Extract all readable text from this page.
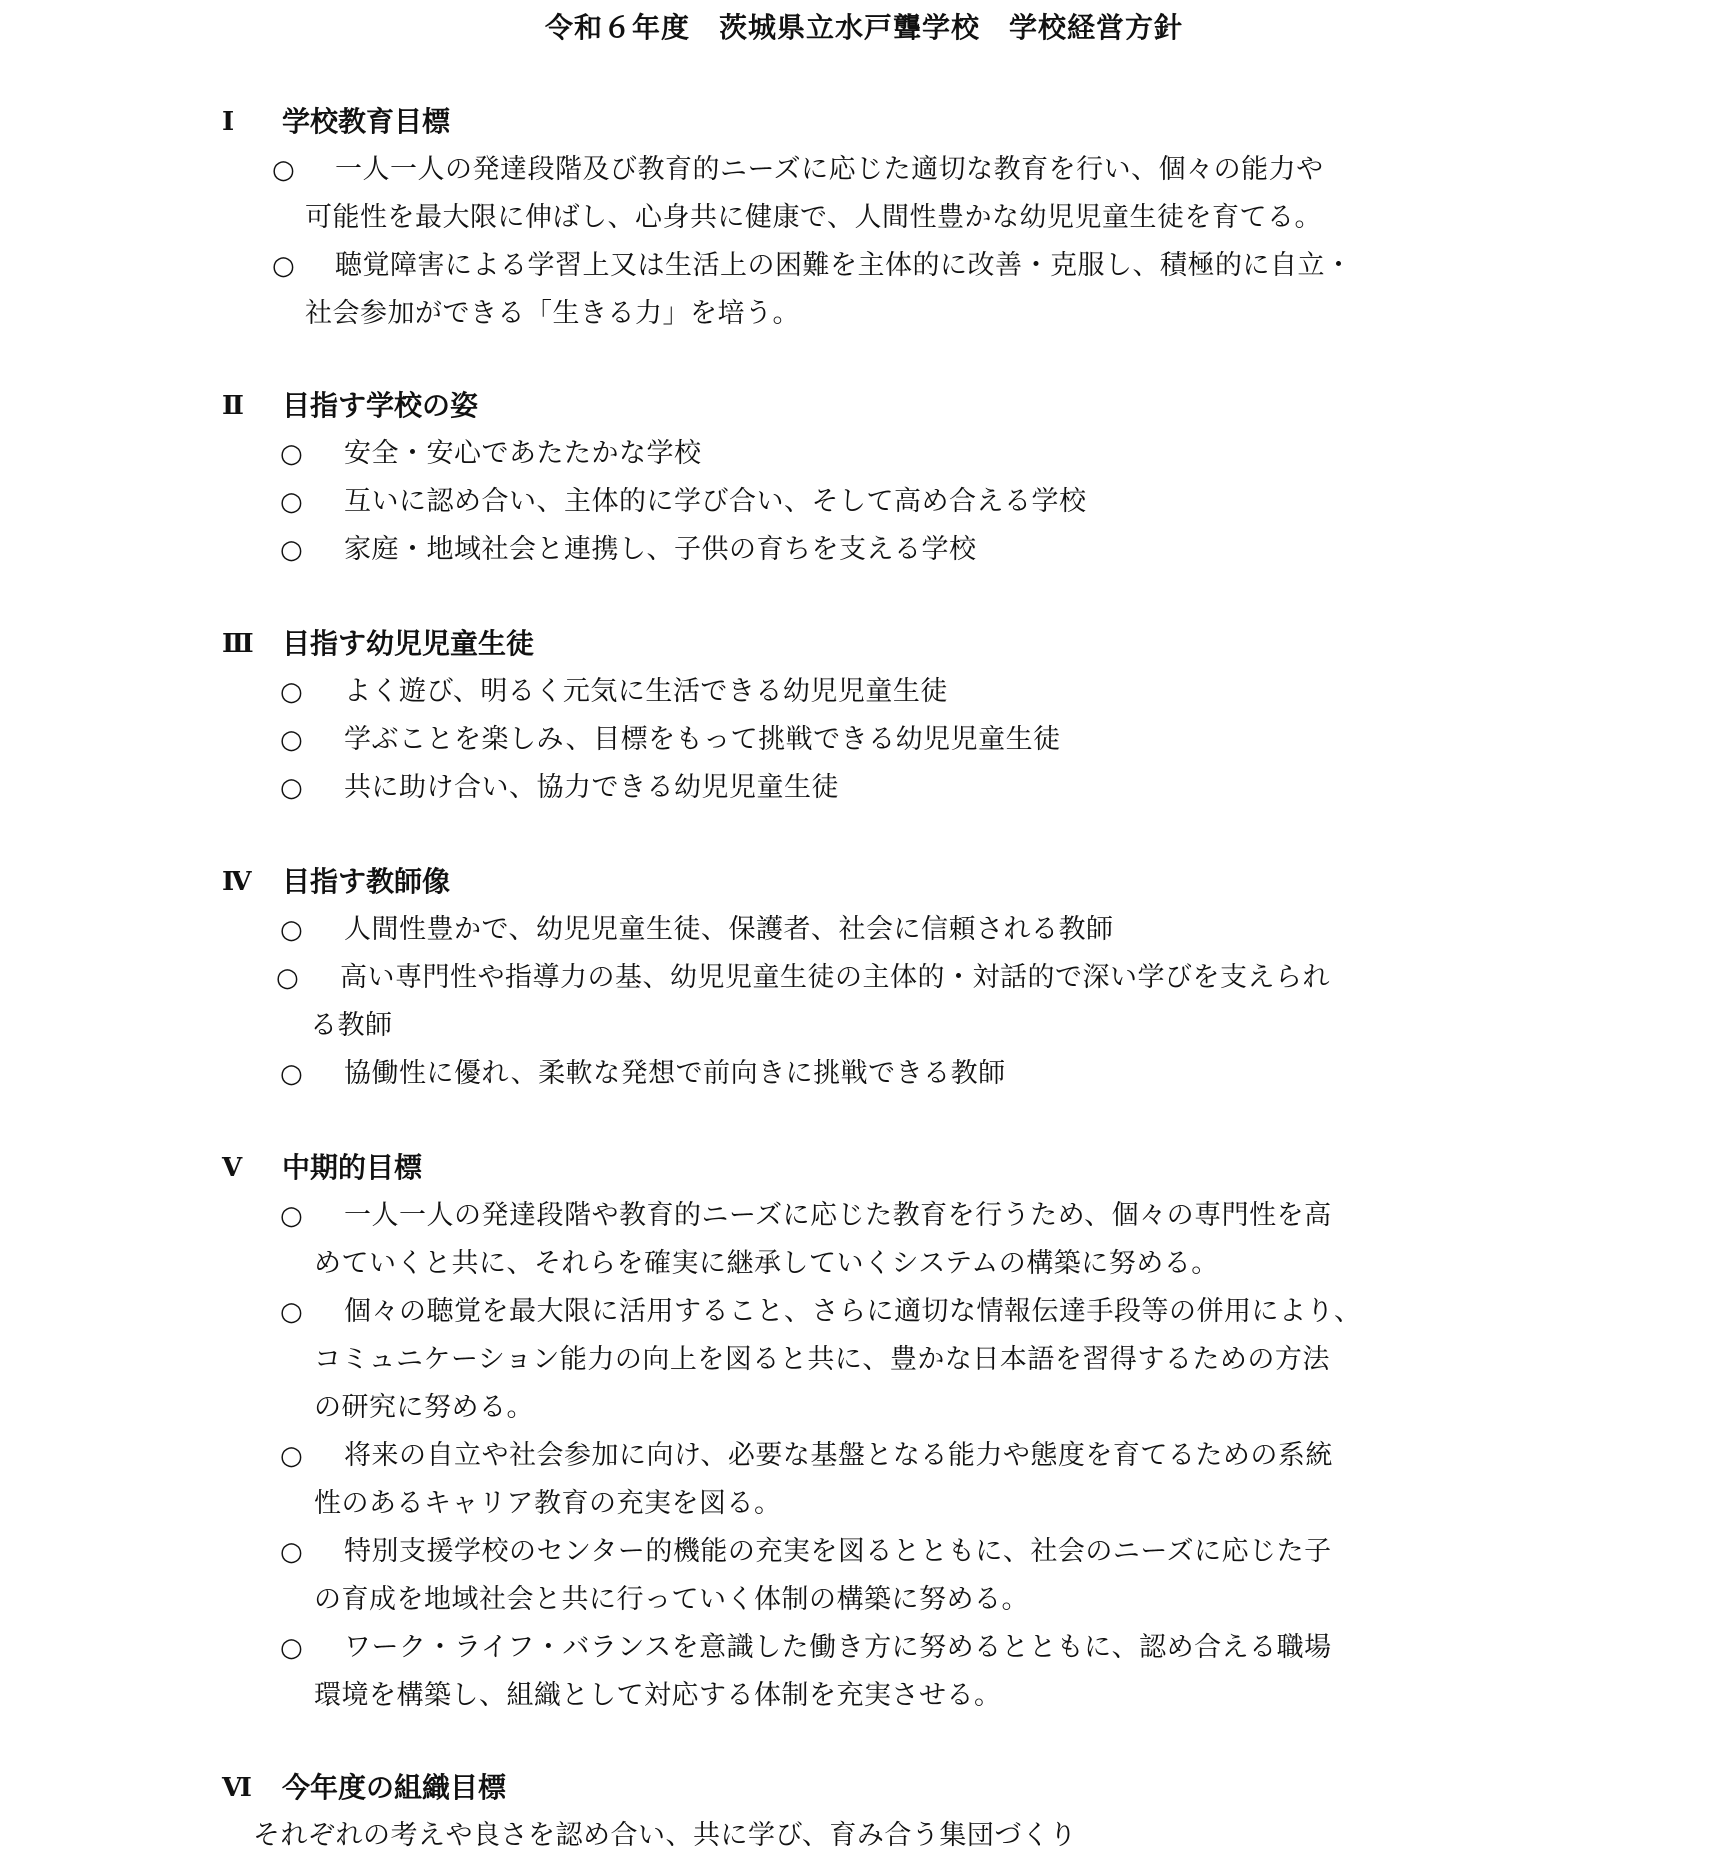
令和６年度　茨城県立水戸聾学校　学校経営方針
Ⅰ 学校教育目標
○	一人一人の発達段階及び教育的ニーズに応じた適切な教育を行い、個々の能力や
可能性を最大限に伸ばし、心身共に健康で、人間性豊かな幼児児童生徒を育てる。
○	聴覚障害による学習上又は生活上の困難を主体的に改善・克服し、積極的に自立・
社会参加ができる「生きる力」を培う。
Ⅱ 目指す学校の姿
○	安全・安心であたたかな学校
○	互いに認め合い、主体的に学び合い、そして高め合える学校
○	家庭・地域社会と連携し、子供の育ちを支える学校
Ⅲ 目指す幼児児童生徒
○	よく遊び、明るく元気に生活できる幼児児童生徒
○	学ぶことを楽しみ、目標をもって挑戦できる幼児児童生徒
○	共に助け合い、協力できる幼児児童生徒
Ⅳ 目指す教師像
○	人間性豊かで、幼児児童生徒、保護者、社会に信頼される教師
○	高い専門性や指導力の基、幼児児童生徒の主体的・対話的で深い学びを支えられ
る教師
○	協働性に優れ、柔軟な発想で前向きに挑戦できる教師
Ⅴ 中期的目標
○	一人一人の発達段階や教育的ニーズに応じた教育を行うため、個々の専門性を高
めていくと共に、それらを確実に継承していくシステムの構築に努める。
○	個々の聴覚を最大限に活用すること、さらに適切な情報伝達手段等の併用により、
コミュニケーション能力の向上を図ると共に、豊かな日本語を習得するための方法
の研究に努める。
○	将来の自立や社会参加に向け、必要な基盤となる能力や態度を育てるための系統
性のあるキャリア教育の充実を図る。
○	特別支援学校のセンター的機能の充実を図るとともに、社会のニーズに応じた子
の育成を地域社会と共に行っていく体制の構築に努める。
○	ワーク・ライフ・バランスを意識した働き方に努めるとともに、認め合える職場
環境を構築し、組織として対応する体制を充実させる。
Ⅵ 今年度の組織目標
それぞれの考えや良さを認め合い、共に学び、育み合う集団づくり
